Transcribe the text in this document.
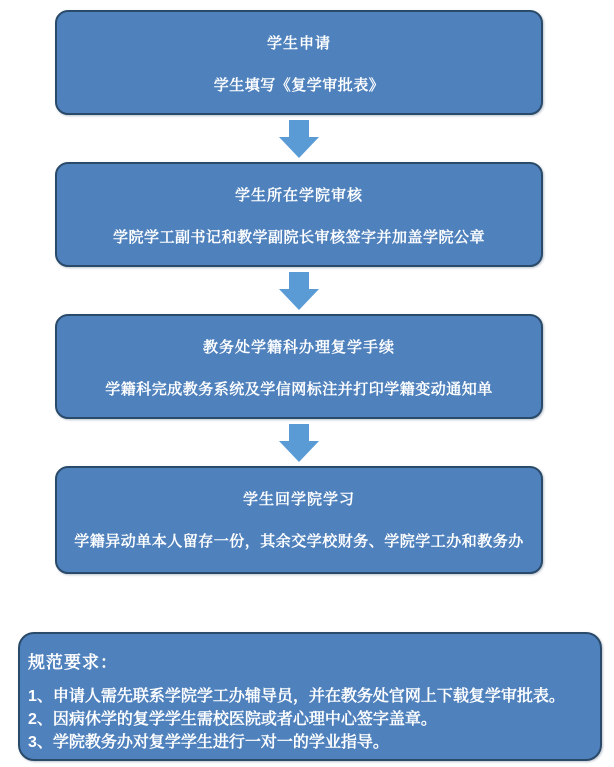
学生申请
学生填写《复学审批表》
学生所在学院审核
学院学工副书记和教学副院长审核签字并加盖学院公章
教务处学籍科办理复学手续
学籍科完成教务系统及学信网标注并打印学籍变动通知单
学生回学院学习
学籍异动单本人留存一份，其余交学校财务、学院学工办和教务办
规范要求：
1、申请人需先联系学院学工办辅导员，并在教务处官网上下载复学审批表。
2、因病休学的复学学生需校医院或者心理中心签字盖章。
3、学院教务办对复学学生进行一对一的学业指导。
